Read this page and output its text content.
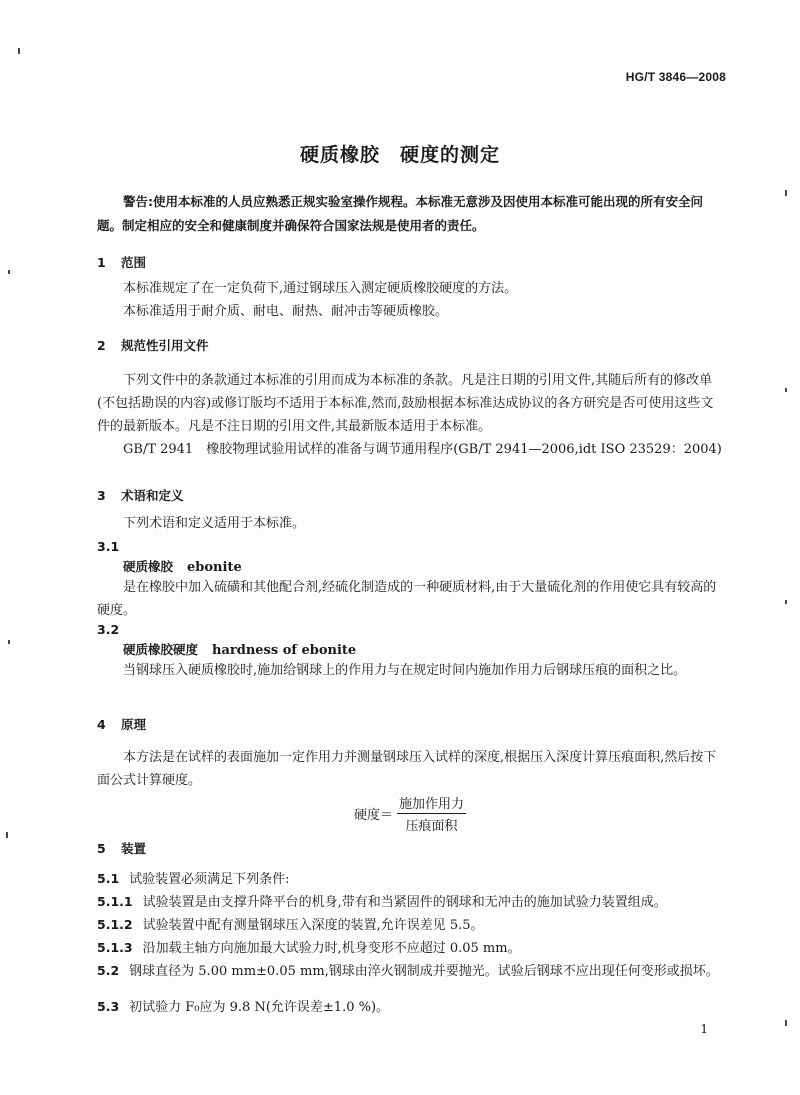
HG/T 3846—2008
硬质橡胶 硬度的测定
警告:使用本标准的人员应熟悉正规实验室操作规程。本标准无意涉及因使用本标准可能出现的所有安全问题。制定相应的安全和健康制度并确保符合国家法规是使用者的责任。
1 范围

本标准规定了在一定负荷下,通过钢球压入测定硬质橡胶硬度的方法。

本标准适用于耐介质、耐电、耐热、耐冲击等硬质橡胶。

2 规范性引用文件

下列文件中的条款通过本标准的引用而成为本标准的条款。凡是注日期的引用文件,其随后所有的修改单(不包括勘误的内容)或修订版均不适用于本标准,然而,鼓励根据本标准达成协议的各方研究是否可使用这些文件的最新版本。凡是不注日期的引用文件,其最新版本适用于本标准。

GB/T 2941　橡胶物理试验用试样的准备与调节通用程序(GB/T 2941—2006,idt ISO 23529：2004)

3 术语和定义

下列术语和定义适用于本标准。

3.1
硬质橡胶 ebonite

是在橡胶中加入硫磺和其他配合剂,经硫化制造成的一种硬质材料,由于大量硫化剂的作用使它具有较高的硬度。

3.2
硬质橡胶硬度 hardness of ebonite

当钢球压入硬质橡胶时,施加给钢球上的作用力与在规定时间内施加作用力后钢球压痕的面积之比。

4 原理

本方法是在试样的表面施加一定作用力并测量钢球压入试样的深度,根据压入深度计算压痕面积,然后按下面公式计算硬度。

硬度＝ $\frac{\text{施加作用力}}{\text{压痕面积}}$
5 装置
5.1 试验装置必须满足下列条件:
5.1.1 试验装置是由支撑升降平台的机身,带有和当紧固件的钢球和无冲击的施加试验力装置组成。
5.1.2 试验装置中配有测量钢球压入深度的装置,允许误差见 5.5。
5.1.3 沿加载主轴方向施加最大试验力时,机身变形不应超过 0.05 mm。
5.2 钢球直径为 5.00 mm±0.05 mm,钢球由淬火钢制成并要抛光。试验后钢球不应出现任何变形或损坏。
5.3 初试验力 F₀应为 9.8 N(允许误差±1.0 %)。
1
